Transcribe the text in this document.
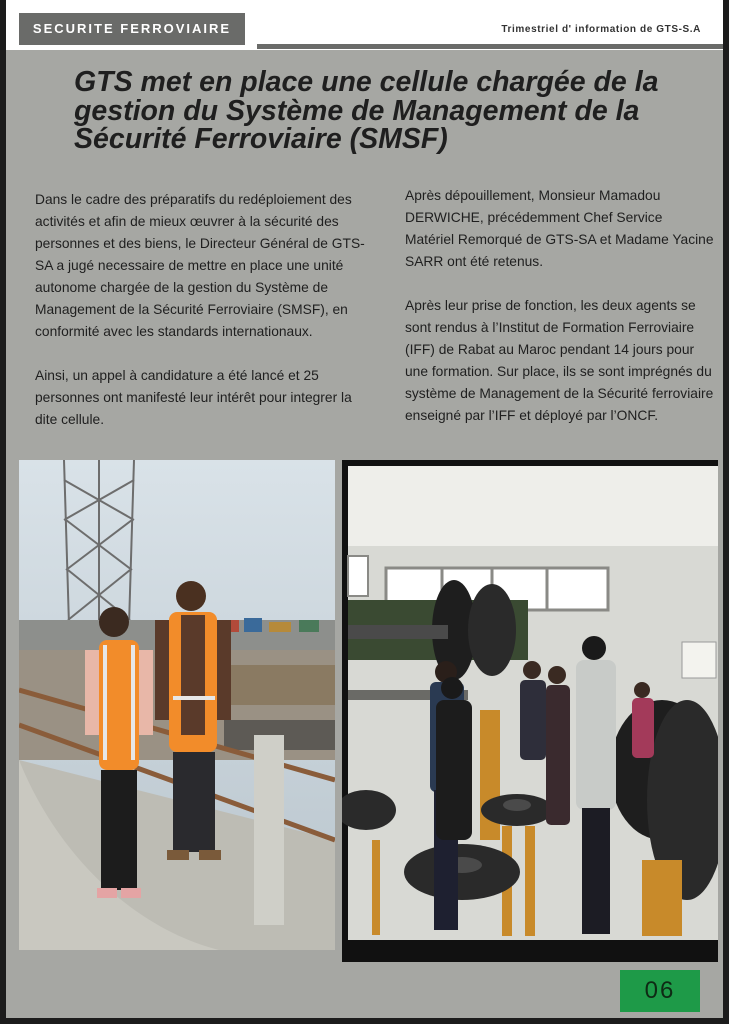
SECURITE FERROVIAIRE	Trimestriel d' information de GTS-S.A
GTS met en place une cellule chargée de la gestion du Système de Management de la Sécurité Ferroviaire (SMSF)

Dans le cadre des préparatifs du redéploiement des activités et afin de mieux œuvrer à la sécurité des personnes et des biens, le Directeur Général de GTS-SA a jugé necessaire de mettre en place une unité autonome chargée de la gestion du Système de Management de la Sécurité Ferroviaire (SMSF), en conformité avec les standards internationaux.

Ainsi, un appel à candidature a été lancé et 25 personnes ont manifesté leur intérêt pour integrer la dite cellule.

Après dépouillement, Monsieur Mamadou DERWICHE, précédemment Chef Service Matériel Remorqué de GTS-SA et Madame Yacine SARR ont été retenus.

Après leur prise de fonction, les deux agents se sont rendus à l’Institut de Formation Ferroviaire (IFF) de Rabat au Maroc pendant 14 jours pour une formation. Sur place, ils se sont imprégnés du système de Management de la Sécurité ferroviaire enseigné par l’IFF et déployé par l’ONCF.

06
